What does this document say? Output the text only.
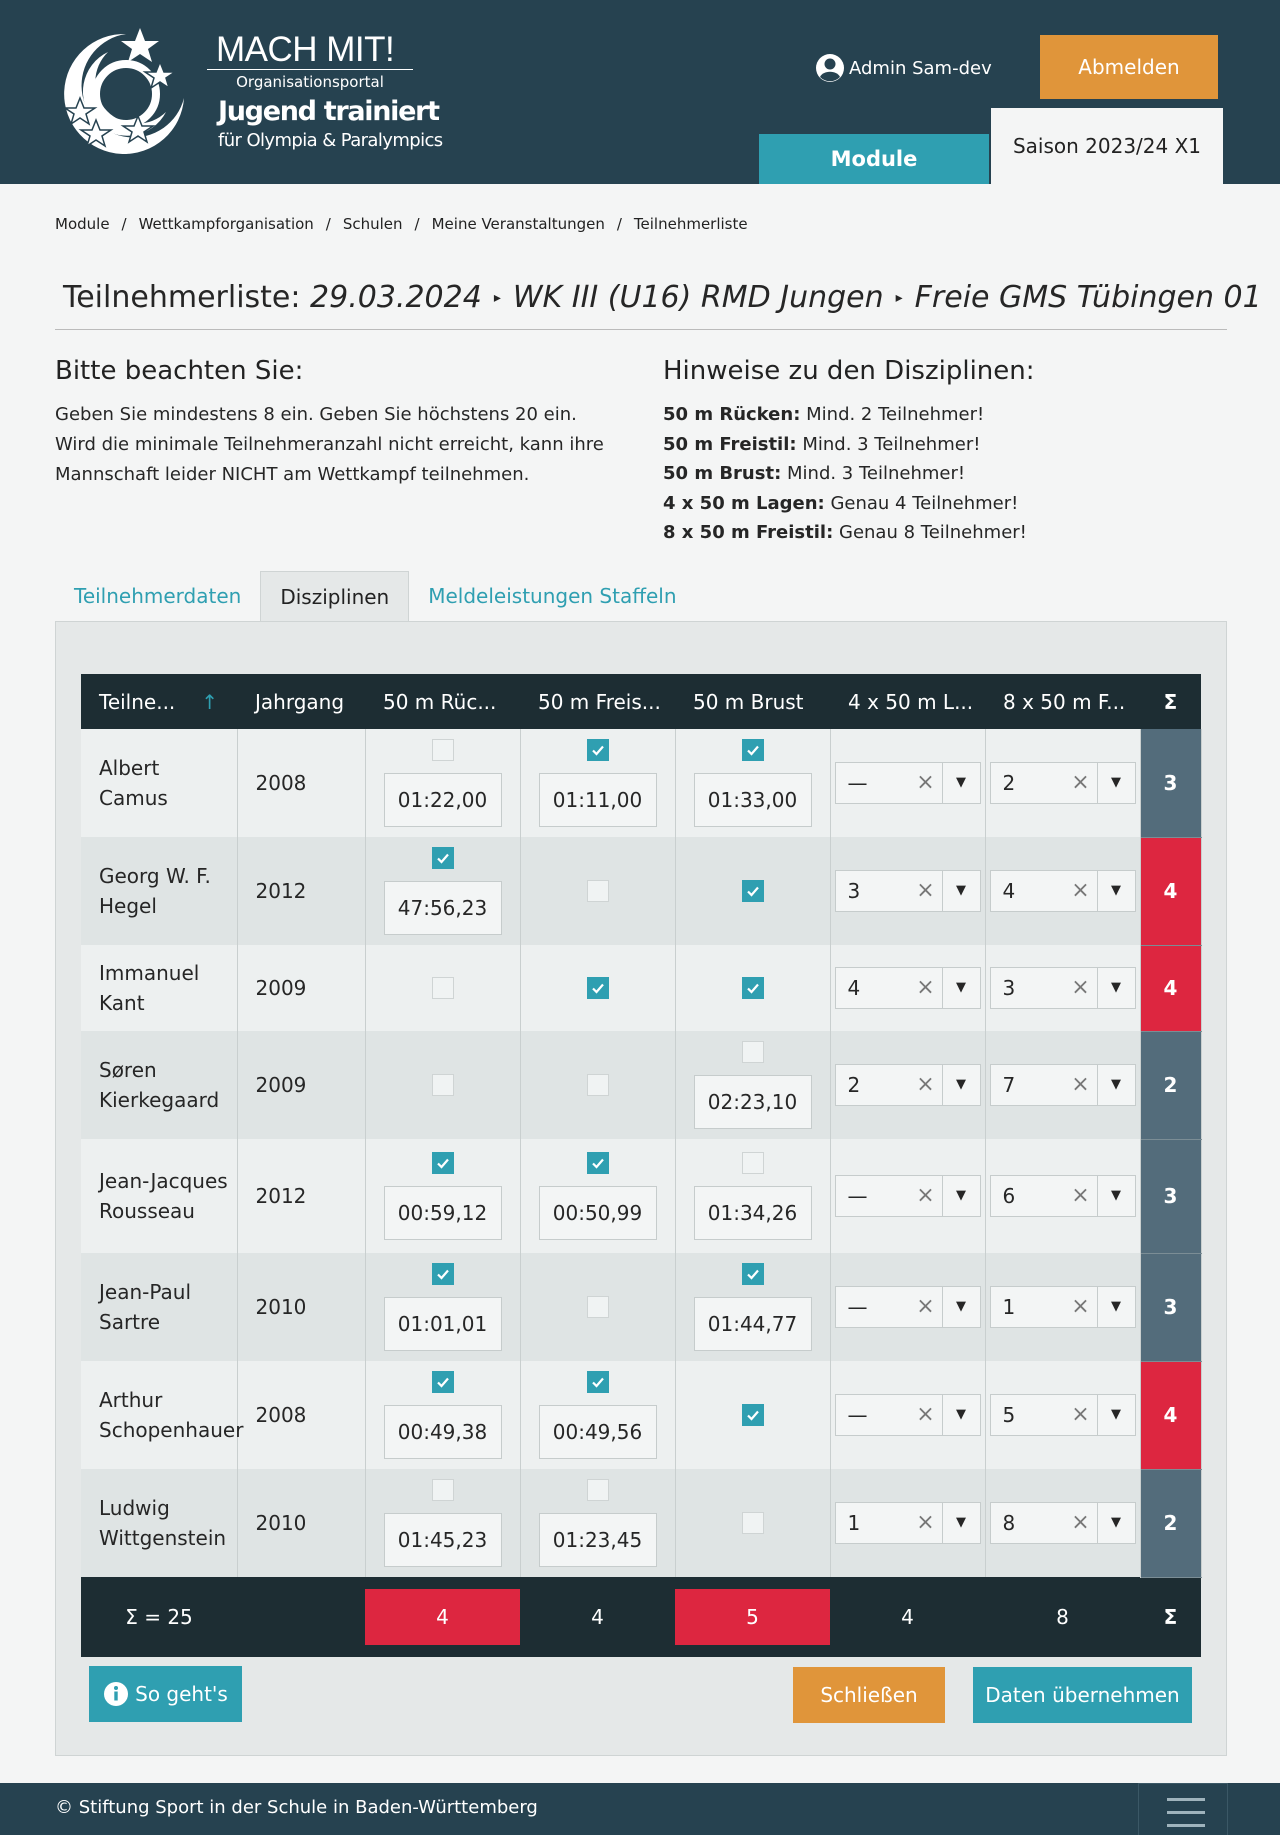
MACH MIT!
Organisationsportal
Jugend trainiert
für Olympia & Paralympics
Admin Sam-dev	Abmelden
Module
Saison 2023/24 X1
Module / Wettkampforganisation / Schulen / Meine Veranstaltungen / Teilnehmerliste
Teilnehmerliste:
29.03.2024 ▸ WK III (U16) RMD Jungen ▸ Freie GMS Tübingen 01
Bitte beachten Sie:
Geben Sie mindestens 8 ein. Geben Sie höchstens 20 ein.
Wird die minimale Teilnehmeranzahl nicht erreicht, kann ihre
Mannschaft leider NICHT am Wettkampf teilnehmen.
Hinweise zu den Disziplinen:
50 m Rücken: Mind. 2 Teilnehmer!
50 m Freistil: Mind. 3 Teilnehmer!
50 m Brust: Mind. 3 Teilnehmer!
4 x 50 m Lagen: Genau 4 Teilnehmer!
8 x 50 m Freistil: Genau 8 Teilnehmer!
Teilnehmerdaten	Disziplinen	Meldeleistungen Staffeln
Teilne... ↑	Jahrgang	50 m Rüc...	50 m Freis...	50 m Brust	4 x 50 m L...	8 x 50 m F...	Σ
Albert Camus	2008	01:22,00	01:11,00	01:33,00	— × ▼	2 × ▼	3
Georg W. F. Hegel	2012	47:56,23			3 × ▼	4 × ▼	4
Immanuel Kant	2009				4 × ▼	3 × ▼	4
Søren Kierkegaard	2009			02:23,10	2 × ▼	7 × ▼	2
Jean-Jacques Rousseau	2012	00:59,12	00:50,99	01:34,26	— × ▼	6 × ▼	3
Jean-Paul Sartre	2010	01:01,01		01:44,77	— × ▼	1 × ▼	3
Arthur Schopenhauer	2008	00:49,38	00:49,56		— × ▼	5 × ▼	4
Ludwig Wittgenstein	2010	01:45,23	01:23,45		1 × ▼	8 × ▼	2

Σ = 25		4	4	5	4	8	Σ
So geht's	Schließen	Daten übernehmen
© Stiftung Sport in der Schule in Baden-Württemberg
